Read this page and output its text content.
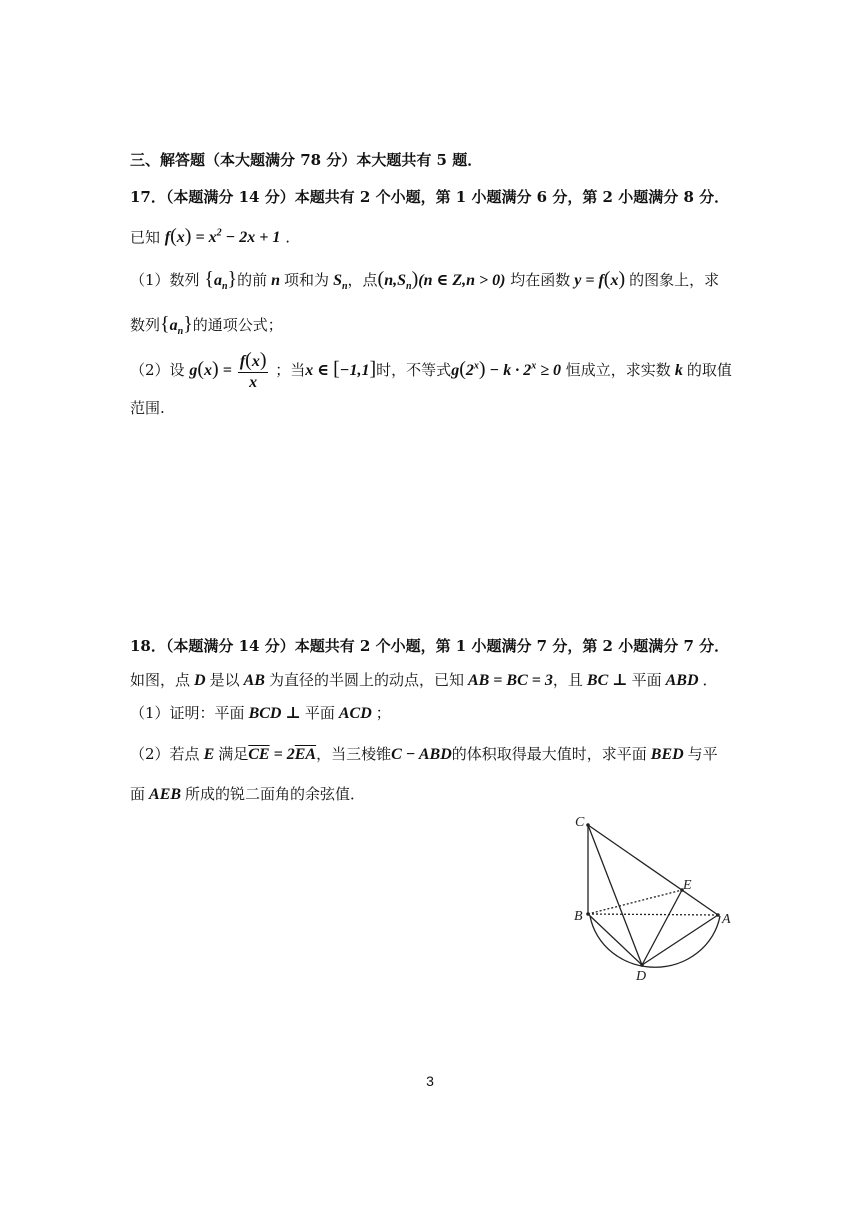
三、解答题（本大题满分 78 分）本大题共有 5 题．
17．（本题满分 14 分）本题共有 2 个小题，第 1 小题满分 6 分，第 2 小题满分 8 分．
已知 $f(x) = x^2 - 2x + 1$ .
（1）数列 $\{a_n\}$的前 n 项和为 $S_n$，点$(n,S_n)(n$ ∈ Z,n > 0) 均在函数 y = f(x) 的图象上，求
数列$\{a_n\}$的通项公式；
（2）设 $g(x) = \frac{f(x)}{x}$ ；当x ∈ [−1,1]时，不等式$g(2^x) - k \cdot 2^x \ge 0$ 恒成立，求实数 k 的取值
范围.
18．（本题满分 14 分）本题共有 2 个小题，第 1 小题满分 7 分，第 2 小题满分 7 分．
如图，点 D 是以 AB 为直径的半圆上的动点，已知 AB = BC = 3，且 BC ⊥ 平面 ABD ．
（1）证明：平面 BCD ⊥ 平面 ACD ；
（2）若点 E 满足$\overline{CE} = 2\overline{EA}$，当三棱锥C − ABD的体积取得最大值时，求平面 BED 与平
面 AEB 所成的锐二面角的余弦值．
C
E
B	A
D
3
